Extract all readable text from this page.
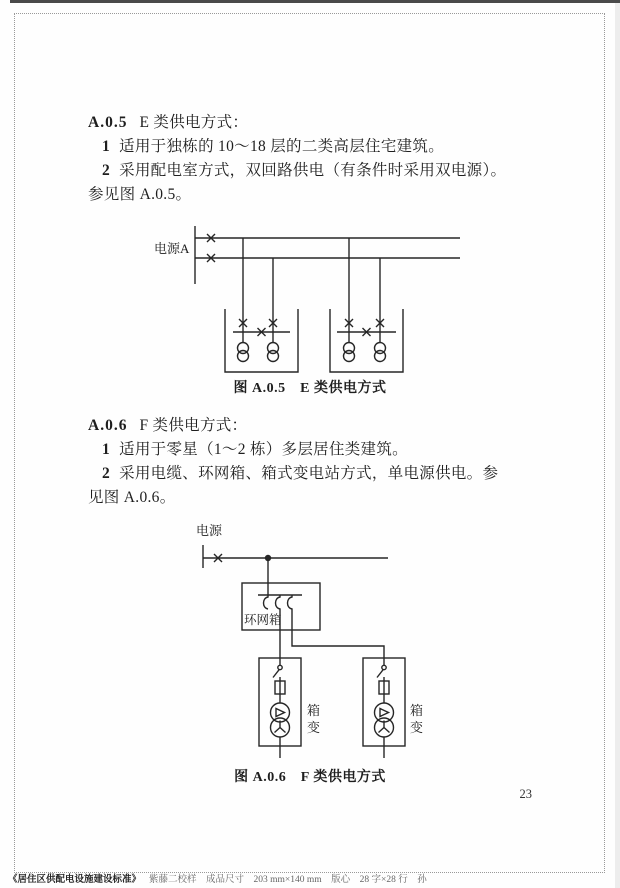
A.0.5 E 类供电方式：
1 适用于独栋的 10～18 层的二类高层住宅建筑。
2 采用配电室方式，双回路供电（有条件时采用双电源）。
参见图 A.0.5。
电源A
图 A.0.5　E 类供电方式
A.0.6 F 类供电方式：
1 适用于零星（1～2 栋）多层居住类建筑。
2 采用电缆、环网箱、箱式变电站方式，单电源供电。参
见图 A.0.6。
电源
环网箱
箱变
箱变
图 A.0.6　F 类供电方式
23
《居住区供配电设施建设标准》 紫藤二校样　成品尺寸　203 mm×140 mm　版心　28 字×28 行　孙
